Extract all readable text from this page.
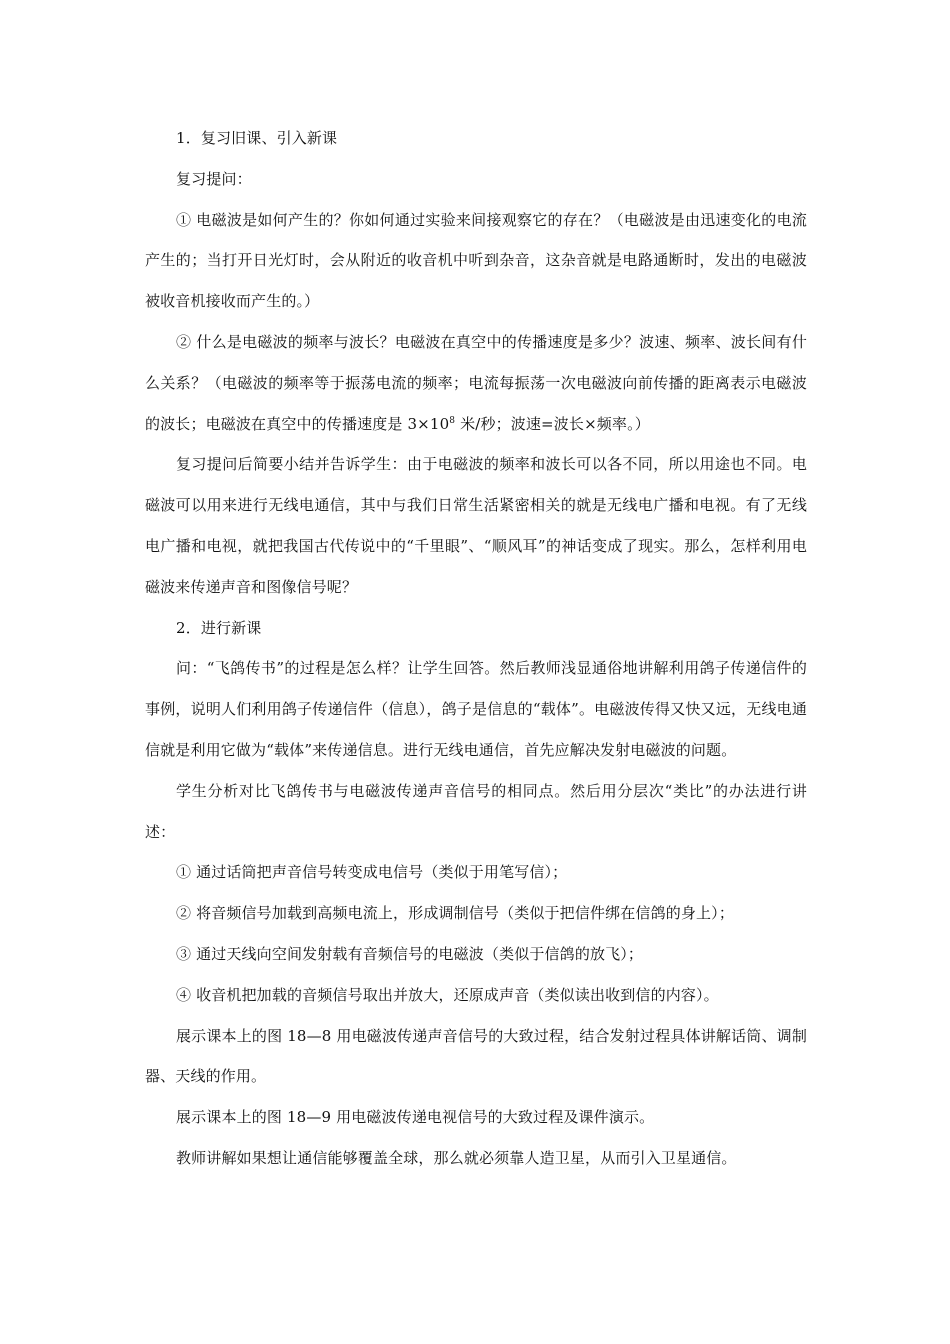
1．复习旧课、引入新课

复习提问：

① 电磁波是如何产生的？你如何通过实验来间接观察它的存在？（电磁波是由迅速变化的电流产生的；当打开日光灯时，会从附近的收音机中听到杂音，这杂音就是电路通断时，发出的电磁波被收音机接收而产生的。）

② 什么是电磁波的频率与波长？电磁波在真空中的传播速度是多少？波速、频率、波长间有什么关系？（电磁波的频率等于振荡电流的频率；电流每振荡一次电磁波向前传播的距离表示电磁波的波长；电磁波在真空中的传播速度是 $3\times 10^8$ 米/秒；波速=波长×频率。）

复习提问后简要小结并告诉学生：由于电磁波的频率和波长可以各不同，所以用途也不同。电磁波可以用来进行无线电通信，其中与我们日常生活紧密相关的就是无线电广播和电视。有了无线电广播和电视，就把我国古代传说中的“千里眼”、“顺风耳”的神话变成了现实。那么，怎样利用电磁波来传递声音和图像信号呢？

2．进行新课

问：“飞鸽传书”的过程是怎么样？让学生回答。然后教师浅显通俗地讲解利用鸽子传递信件的事例，说明人们利用鸽子传递信件（信息），鸽子是信息的“载体”。电磁波传得又快又远，无线电通信就是利用它做为“载体”来传递信息。进行无线电通信，首先应解决发射电磁波的问题。

学生分析对比飞鸽传书与电磁波传递声音信号的相同点。然后用分层次“类比”的办法进行讲述：

① 通过话筒把声音信号转变成电信号（类似于用笔写信）；

② 将音频信号加载到高频电流上，形成调制信号（类似于把信件绑在信鸽的身上）；

③ 通过天线向空间发射载有音频信号的电磁波（类似于信鸽的放飞）；

④ 收音机把加载的音频信号取出并放大，还原成声音（类似读出收到信的内容）。

展示课本上的图 18—8 用电磁波传递声音信号的大致过程，结合发射过程具体讲解话筒、调制器、天线的作用。

展示课本上的图 18—9 用电磁波传递电视信号的大致过程及课件演示。

教师讲解如果想让通信能够覆盖全球，那么就必须靠人造卫星，从而引入卫星通信。
